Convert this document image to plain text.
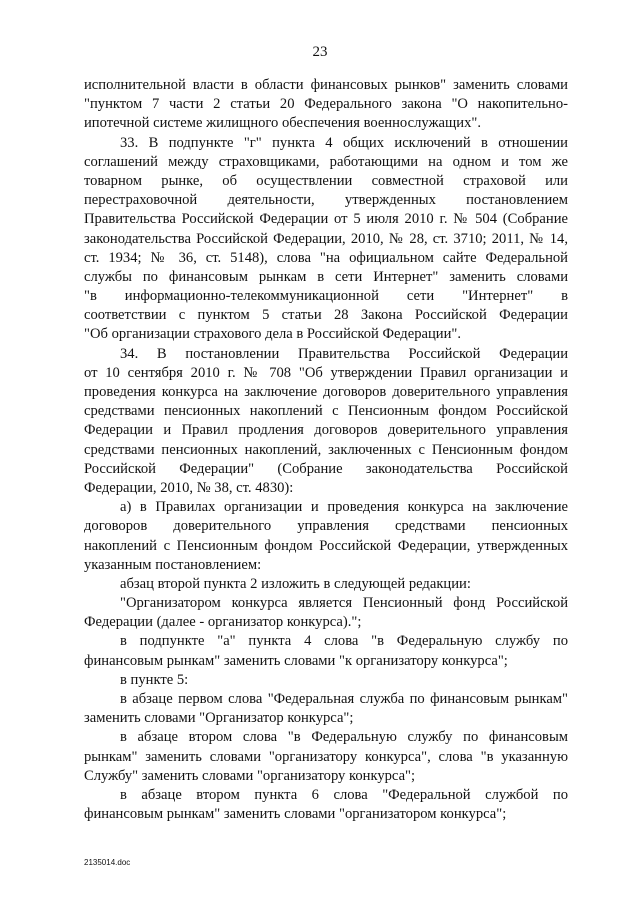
23
исполнительной власти в области финансовых рынков" заменить словами
"пунктом 7 части 2 статьи 20 Федерального закона "О накопительно-
ипотечной системе жилищного обеспечения военнослужащих".
33. В подпункте "г" пункта 4 общих исключений в отношении
соглашений между страховщиками, работающими на одном и том же
товарном рынке, об осуществлении совместной страховой или
перестраховочной деятельности, утвержденных постановлением
Правительства Российской Федерации от 5 июля 2010 г. № 504 (Собрание
законодательства Российской Федерации, 2010, № 28, ст. 3710; 2011, № 14,
ст. 1934; № 36, ст. 5148), слова "на официальном сайте Федеральной
службы по финансовым рынкам в сети Интернет" заменить словами
"в информационно-телекоммуникационной сети "Интернет" в
соответствии с пунктом 5 статьи 28 Закона Российской Федерации
"Об организации страхового дела в Российской Федерации".
34. В постановлении Правительства Российской Федерации
от 10 сентября 2010 г. № 708 "Об утверждении Правил организации и
проведения конкурса на заключение договоров доверительного управления
средствами пенсионных накоплений с Пенсионным фондом Российской
Федерации и Правил продления договоров доверительного управления
средствами пенсионных накоплений, заключенных с Пенсионным фондом
Российской Федерации" (Собрание законодательства Российской
Федерации, 2010, № 38, ст. 4830):
а) в Правилах организации и проведения конкурса на заключение
договоров доверительного управления средствами пенсионных
накоплений с Пенсионным фондом Российской Федерации, утвержденных
указанным постановлением:
абзац второй пункта 2 изложить в следующей редакции:
"Организатором конкурса является Пенсионный фонд Российской
Федерации (далее - организатор конкурса).";
в подпункте "а" пункта 4 слова "в Федеральную службу по
финансовым рынкам" заменить словами "к организатору конкурса";
в пункте 5:
в абзаце первом слова "Федеральная служба по финансовым рынкам"
заменить словами "Организатор конкурса";
в абзаце втором слова "в Федеральную службу по финансовым
рынкам" заменить словами "организатору конкурса", слова "в указанную
Службу" заменить словами "организатору конкурса";
в абзаце втором пункта 6 слова "Федеральной службой по
финансовым рынкам" заменить словами "организатором конкурса";
2135014.doc
